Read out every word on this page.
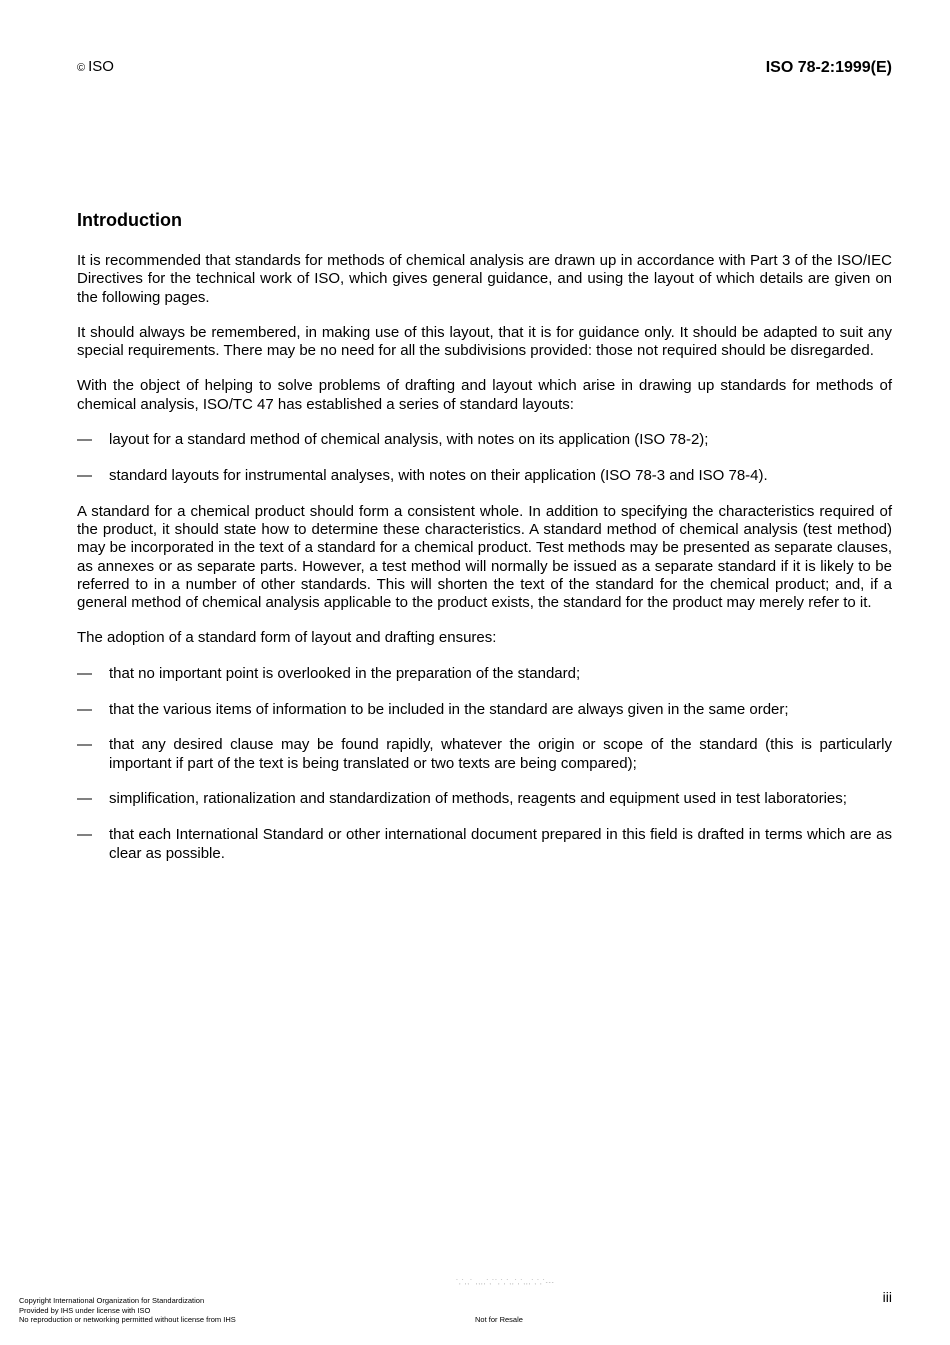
© ISO	ISO 78-2:1999(E)
Introduction

It is recommended that standards for methods of chemical analysis are drawn up in accordance with Part 3 of the ISO/IEC Directives for the technical work of ISO, which gives general guidance, and using the layout of which details are given on the following pages.

It should always be remembered, in making use of this layout, that it is for guidance only. It should be adapted to suit any special requirements. There may be no need for all the subdivisions provided: those not required should be disregarded.

With the object of helping to solve problems of drafting and layout which arise in drawing up standards for methods of chemical analysis, ISO/TC 47 has established a series of standard layouts:

— layout for a standard method of chemical analysis, with notes on its application (ISO 78-2);
— standard layouts for instrumental analyses, with notes on their application (ISO 78-3 and ISO 78-4).

A standard for a chemical product should form a consistent whole. In addition to specifying the characteristics required of the product, it should state how to determine these characteristics. A standard method of chemical analysis (test method) may be incorporated in the text of a standard for a chemical product. Test methods may be presented as separate clauses, as annexes or as separate parts. However, a test method will normally be issued as a separate standard if it is likely to be referred to in a number of other standards. This will shorten the text of the standard for the chemical product; and, if a general method of chemical analysis applicable to the product exists, the standard for the product may merely refer to it.

The adoption of a standard form of layout and drafting ensures:

— that no important point is overlooked in the preparation of the standard;
— that the various items of information to be included in the standard are always given in the same order;
— that any desired clause may be found rapidly, whatever the origin or scope of the standard (this is particularly important if part of the text is being translated or two texts are being compared);
— simplification, rationalization and standardization of methods, reagents and equipment used in test laboratories;
— that each International Standard or other international document prepared in this field is drafted in terms which are as clear as possible.
`,`,,` ,,,,`,``,`,`,,`,`,,,`,`,`---
iii
Copyright International Organization for Standardization
Provided by IHS under license with ISO
No reproduction or networking permitted without license from IHS	Not for Resale
